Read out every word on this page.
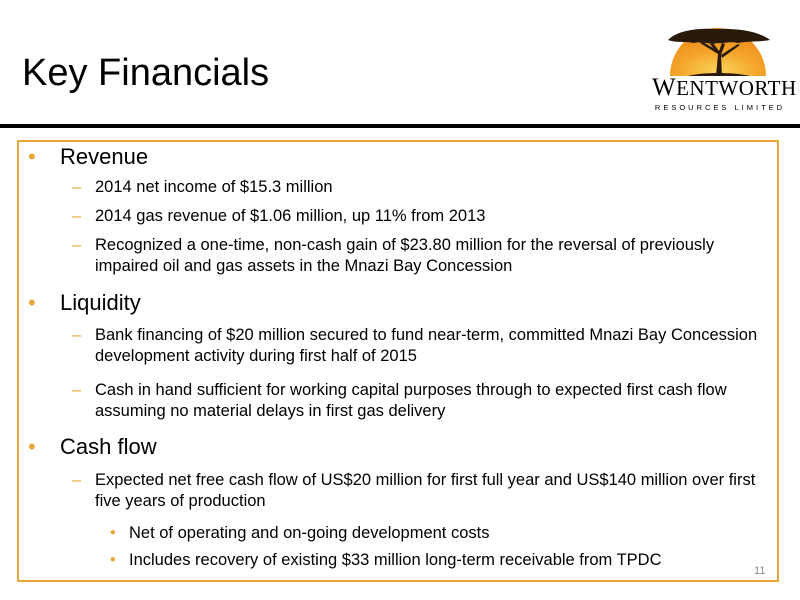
Key Financials	WENTWORTH
RESOURCES LIMITED
• Revenue
– 2014 net income of $15.3 million
– 2014 gas revenue of $1.06 million, up 11% from 2013
– Recognized a one-time, non-cash gain of $23.80 million for the reversal of previously impaired oil and gas assets in the Mnazi Bay Concession
• Liquidity
– Bank financing of $20 million secured to fund near-term, committed Mnazi Bay Concession development activity during first half of 2015
– Cash in hand sufficient for working capital purposes through to expected first cash flow assuming no material delays in first gas delivery
• Cash flow
– Expected net free cash flow of US$20 million for first full year and US$140 million over first five years of production
• Net of operating and on-going development costs
• Includes recovery of existing $33 million long-term receivable from TPDC
11
